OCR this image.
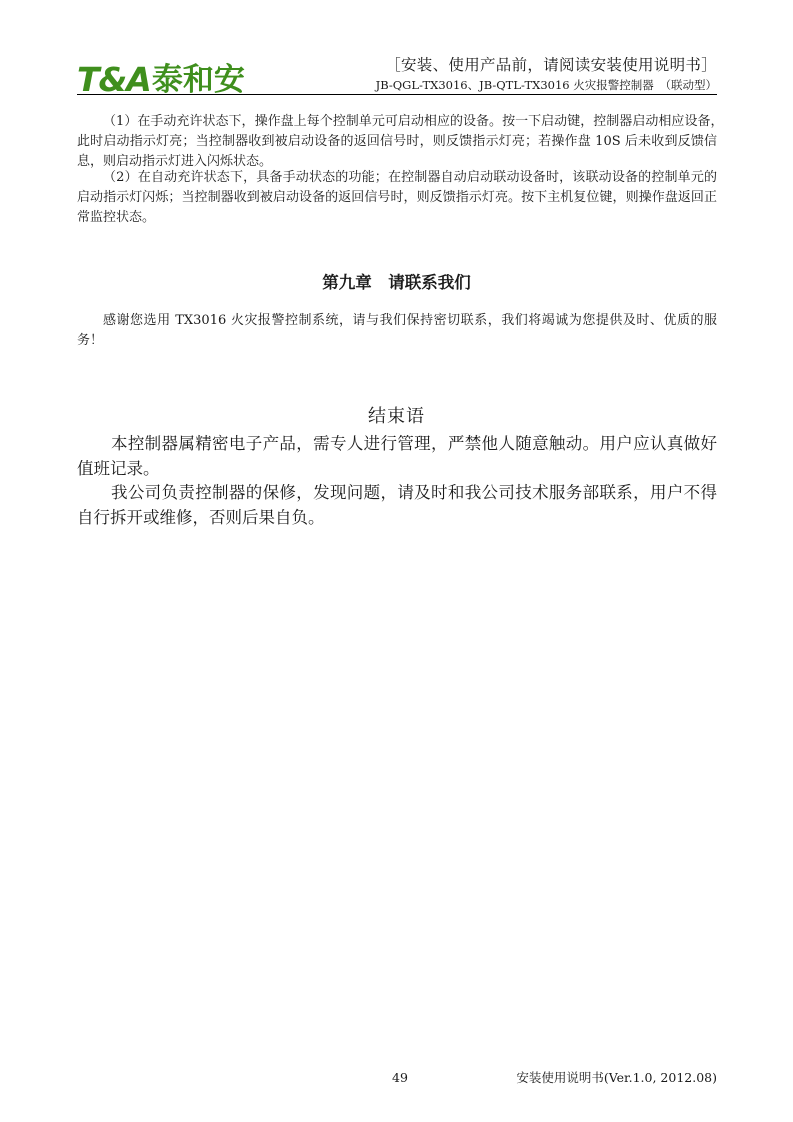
T&A 泰和安	［安装、使用产品前，请阅读安装使用说明书］
JB-QGL-TX3016、JB-QTL-TX3016 火灾报警控制器　（联动型）

（1）在手动充许状态下，操作盘上每个控制单元可启动相应的设备。按一下启动键，控制器启动相应设备，　此时启动指示灯亮；当控制器收到被启动设备的返回信号时，则反馈指示灯亮；若操作盘 10S 后未收到反馈信息，则启动指示灯进入闪烁状态。

（2）在自动充许状态下，具备手动状态的功能；在控制器自动启动联动设备时，该联动设备的控制单元的启动指示灯闪烁；当控制器收到被启动设备的返回信号时，则反馈指示灯亮。按下主机复位键，则操作盘返回正常监控状态。

第九章　请联系我们

感谢您选用 TX3016 火灾报警控制系统，请与我们保持密切联系，我们将竭诚为您提供及时、优质的服务！

结束语

本控制器属精密电子产品，需专人进行管理，严禁他人随意触动。用户应认真做好值班记录。

我公司负责控制器的保修，发现问题，请及时和我公司技术服务部联系，用户不得自行拆开或维修，否则后果自负。

49	安装使用说明书(Ver.1.0, 2012.08)
